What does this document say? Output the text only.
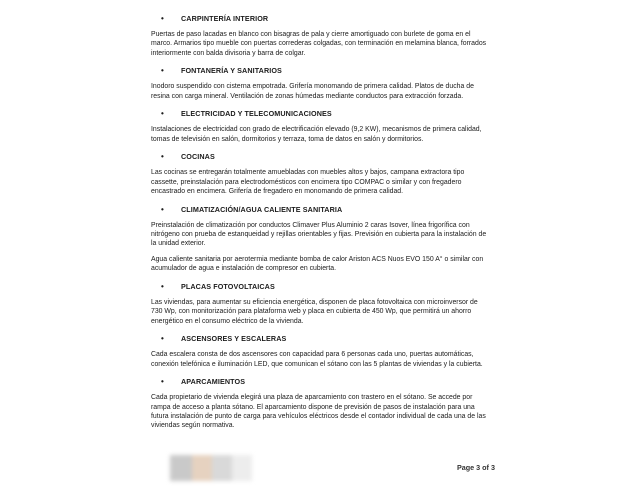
• CARPINTERÍA INTERIOR

Puertas de paso lacadas en blanco con bisagras de pala y cierre amortiguado con burlete de goma en el marco. Armarios tipo mueble con puertas correderas colgadas, con terminación en melamina blanca, forrados interiormente con balda divisoria y barra de colgar.

• FONTANERÍA Y SANITARIOS

Inodoro suspendido con cisterna empotrada. Grifería monomando de primera calidad. Platos de ducha de resina con carga mineral. Ventilación de zonas húmedas mediante conductos para extracción forzada.

• ELECTRICIDAD Y TELECOMUNICACIONES

Instalaciones de electricidad con grado de electrificación elevado (9,2 KW), mecanismos de primera calidad, tomas de televisión en salón, dormitorios y terraza, toma de datos en salón y dormitorios.

• COCINAS

Las cocinas se entregarán totalmente amuebladas con muebles altos y bajos, campana extractora tipo cassette, preinstalación para electrodomésticos con encimera tipo COMPAC o similar y con fregadero encastrado en encimera. Grifería de fregadero en monomando de primera calidad.

• CLIMATIZACIÓN/AGUA CALIENTE SANITARIA

Preinstalación de climatización por conductos Climaver Plus Aluminio 2 caras Isover, línea frigorífica con nitrógeno con prueba de estanqueidad y rejillas orientables y fijas. Previsión en cubierta para la instalación de la unidad exterior.

Agua caliente sanitaria por aerotermia mediante bomba de calor Ariston ACS Nuos EVO 150 A° o similar con acumulador de agua e instalación de compresor en cubierta.

• PLACAS FOTOVOLTAICAS

Las viviendas, para aumentar su eficiencia energética, disponen de placa fotovoltaica con microinversor de 730 Wp, con monitorización para plataforma web y placa en cubierta de 450 Wp, que permitirá un ahorro energético en el consumo eléctrico de la vivienda.

• ASCENSORES Y ESCALERAS

Cada escalera consta de dos ascensores con capacidad para 6 personas cada uno, puertas automáticas, conexión telefónica e iluminación LED, que comunican el sótano con las 5 plantas de viviendas y la cubierta.

• APARCAMIENTOS

Cada propietario de vivienda elegirá una plaza de aparcamiento con trastero en el sótano. Se accede por rampa de acceso a planta sótano. El aparcamiento dispone de previsión de pasos de instalación para una futura instalación de punto de carga para vehículos eléctricos desde el contador individual de cada una de las viviendas según normativa.

Page 3 of 3
